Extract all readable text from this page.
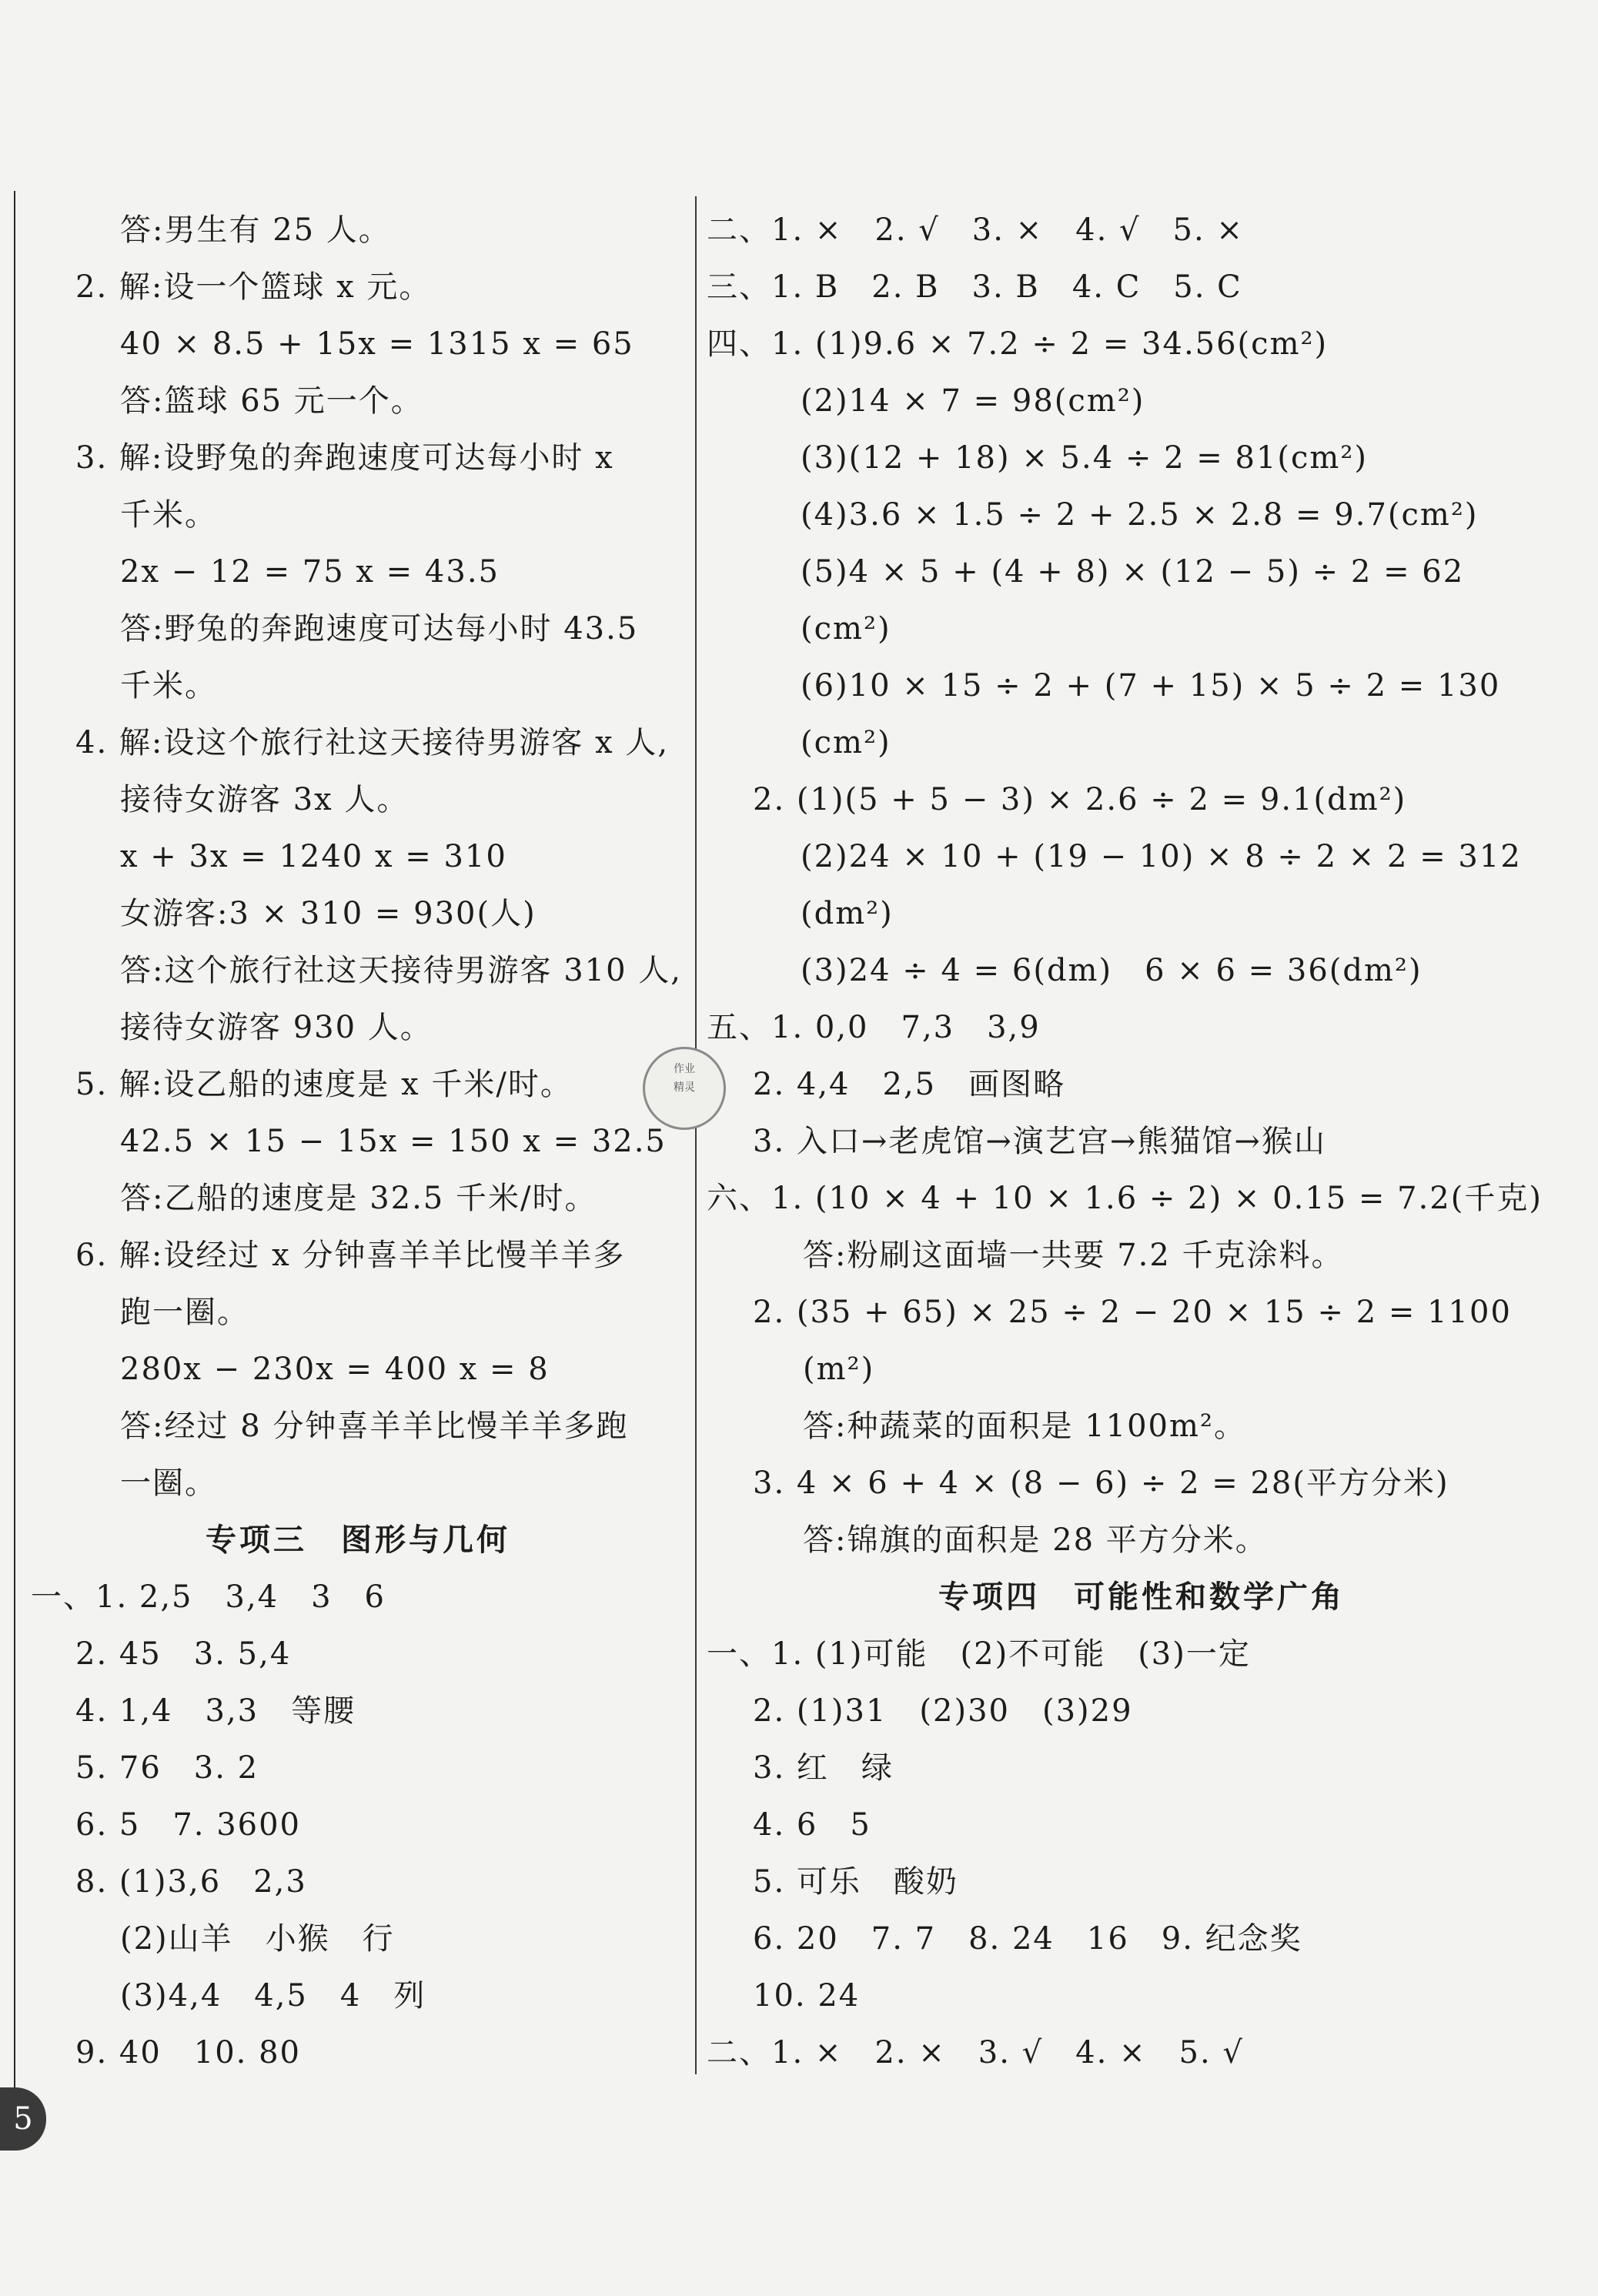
答:男生有 25 人。
2. 解:设一个篮球 x 元。
40 × 8.5 + 15x = 1315 x = 65
答:篮球 65 元一个。
3. 解:设野兔的奔跑速度可达每小时 x
千米。
2x − 12 = 75 x = 43.5
答:野兔的奔跑速度可达每小时 43.5
千米。
4. 解:设这个旅行社这天接待男游客 x 人,
接待女游客 3x 人。
x + 3x = 1240 x = 310
女游客:3 × 310 = 930(人)
答:这个旅行社这天接待男游客 310 人,
接待女游客 930 人。
5. 解:设乙船的速度是 x 千米/时。
42.5 × 15 − 15x = 150 x = 32.5
答:乙船的速度是 32.5 千米/时。
6. 解:设经过 x 分钟喜羊羊比慢羊羊多
跑一圈。
280x − 230x = 400 x = 8
答:经过 8 分钟喜羊羊比慢羊羊多跑
一圈。
专项三　图形与几何
一、1. 2,5　3,4　3　6
2. 45　3. 5,4
4. 1,4　3,3　等腰
5. 76　3. 2
6. 5　7. 3600
8. (1)3,6　2,3
(2)山羊　小猴　行
(3)4,4　4,5　4　列
9. 40　10. 80
二、1. ×　2. √　3. ×　4. √　5. ×
三、1. B　2. B　3. B　4. C　5. C
四、1. (1)9.6 × 7.2 ÷ 2 = 34.56(cm²)
(2)14 × 7 = 98(cm²)
(3)(12 + 18) × 5.4 ÷ 2 = 81(cm²)
(4)3.6 × 1.5 ÷ 2 + 2.5 × 2.8 = 9.7(cm²)
(5)4 × 5 + (4 + 8) × (12 − 5) ÷ 2 = 62
(cm²)
(6)10 × 15 ÷ 2 + (7 + 15) × 5 ÷ 2 = 130
(cm²)
2. (1)(5 + 5 − 3) × 2.6 ÷ 2 = 9.1(dm²)
(2)24 × 10 + (19 − 10) × 8 ÷ 2 × 2 = 312
(dm²)
(3)24 ÷ 4 = 6(dm)　6 × 6 = 36(dm²)
五、1. 0,0　7,3　3,9
2. 4,4　2,5　画图略
3. 入口→老虎馆→演艺宫→熊猫馆→猴山
六、1. (10 × 4 + 10 × 1.6 ÷ 2) × 0.15 = 7.2(千克)
答:粉刷这面墙一共要 7.2 千克涂料。
2. (35 + 65) × 25 ÷ 2 − 20 × 15 ÷ 2 = 1100
(m²)
答:种蔬菜的面积是 1100m²。
3. 4 × 6 + 4 × (8 − 6) ÷ 2 = 28(平方分米)
答:锦旗的面积是 28 平方分米。
专项四　可能性和数学广角
一、1. (1)可能　(2)不可能　(3)一定
2. (1)31　(2)30　(3)29
3. 红　绿
4. 6　5
5. 可乐　酸奶
6. 20　7. 7　8. 24　16　9. 纪念奖
10. 24
二、1. ×　2. ×　3. √　4. ×　5. √
作业
精灵
5
